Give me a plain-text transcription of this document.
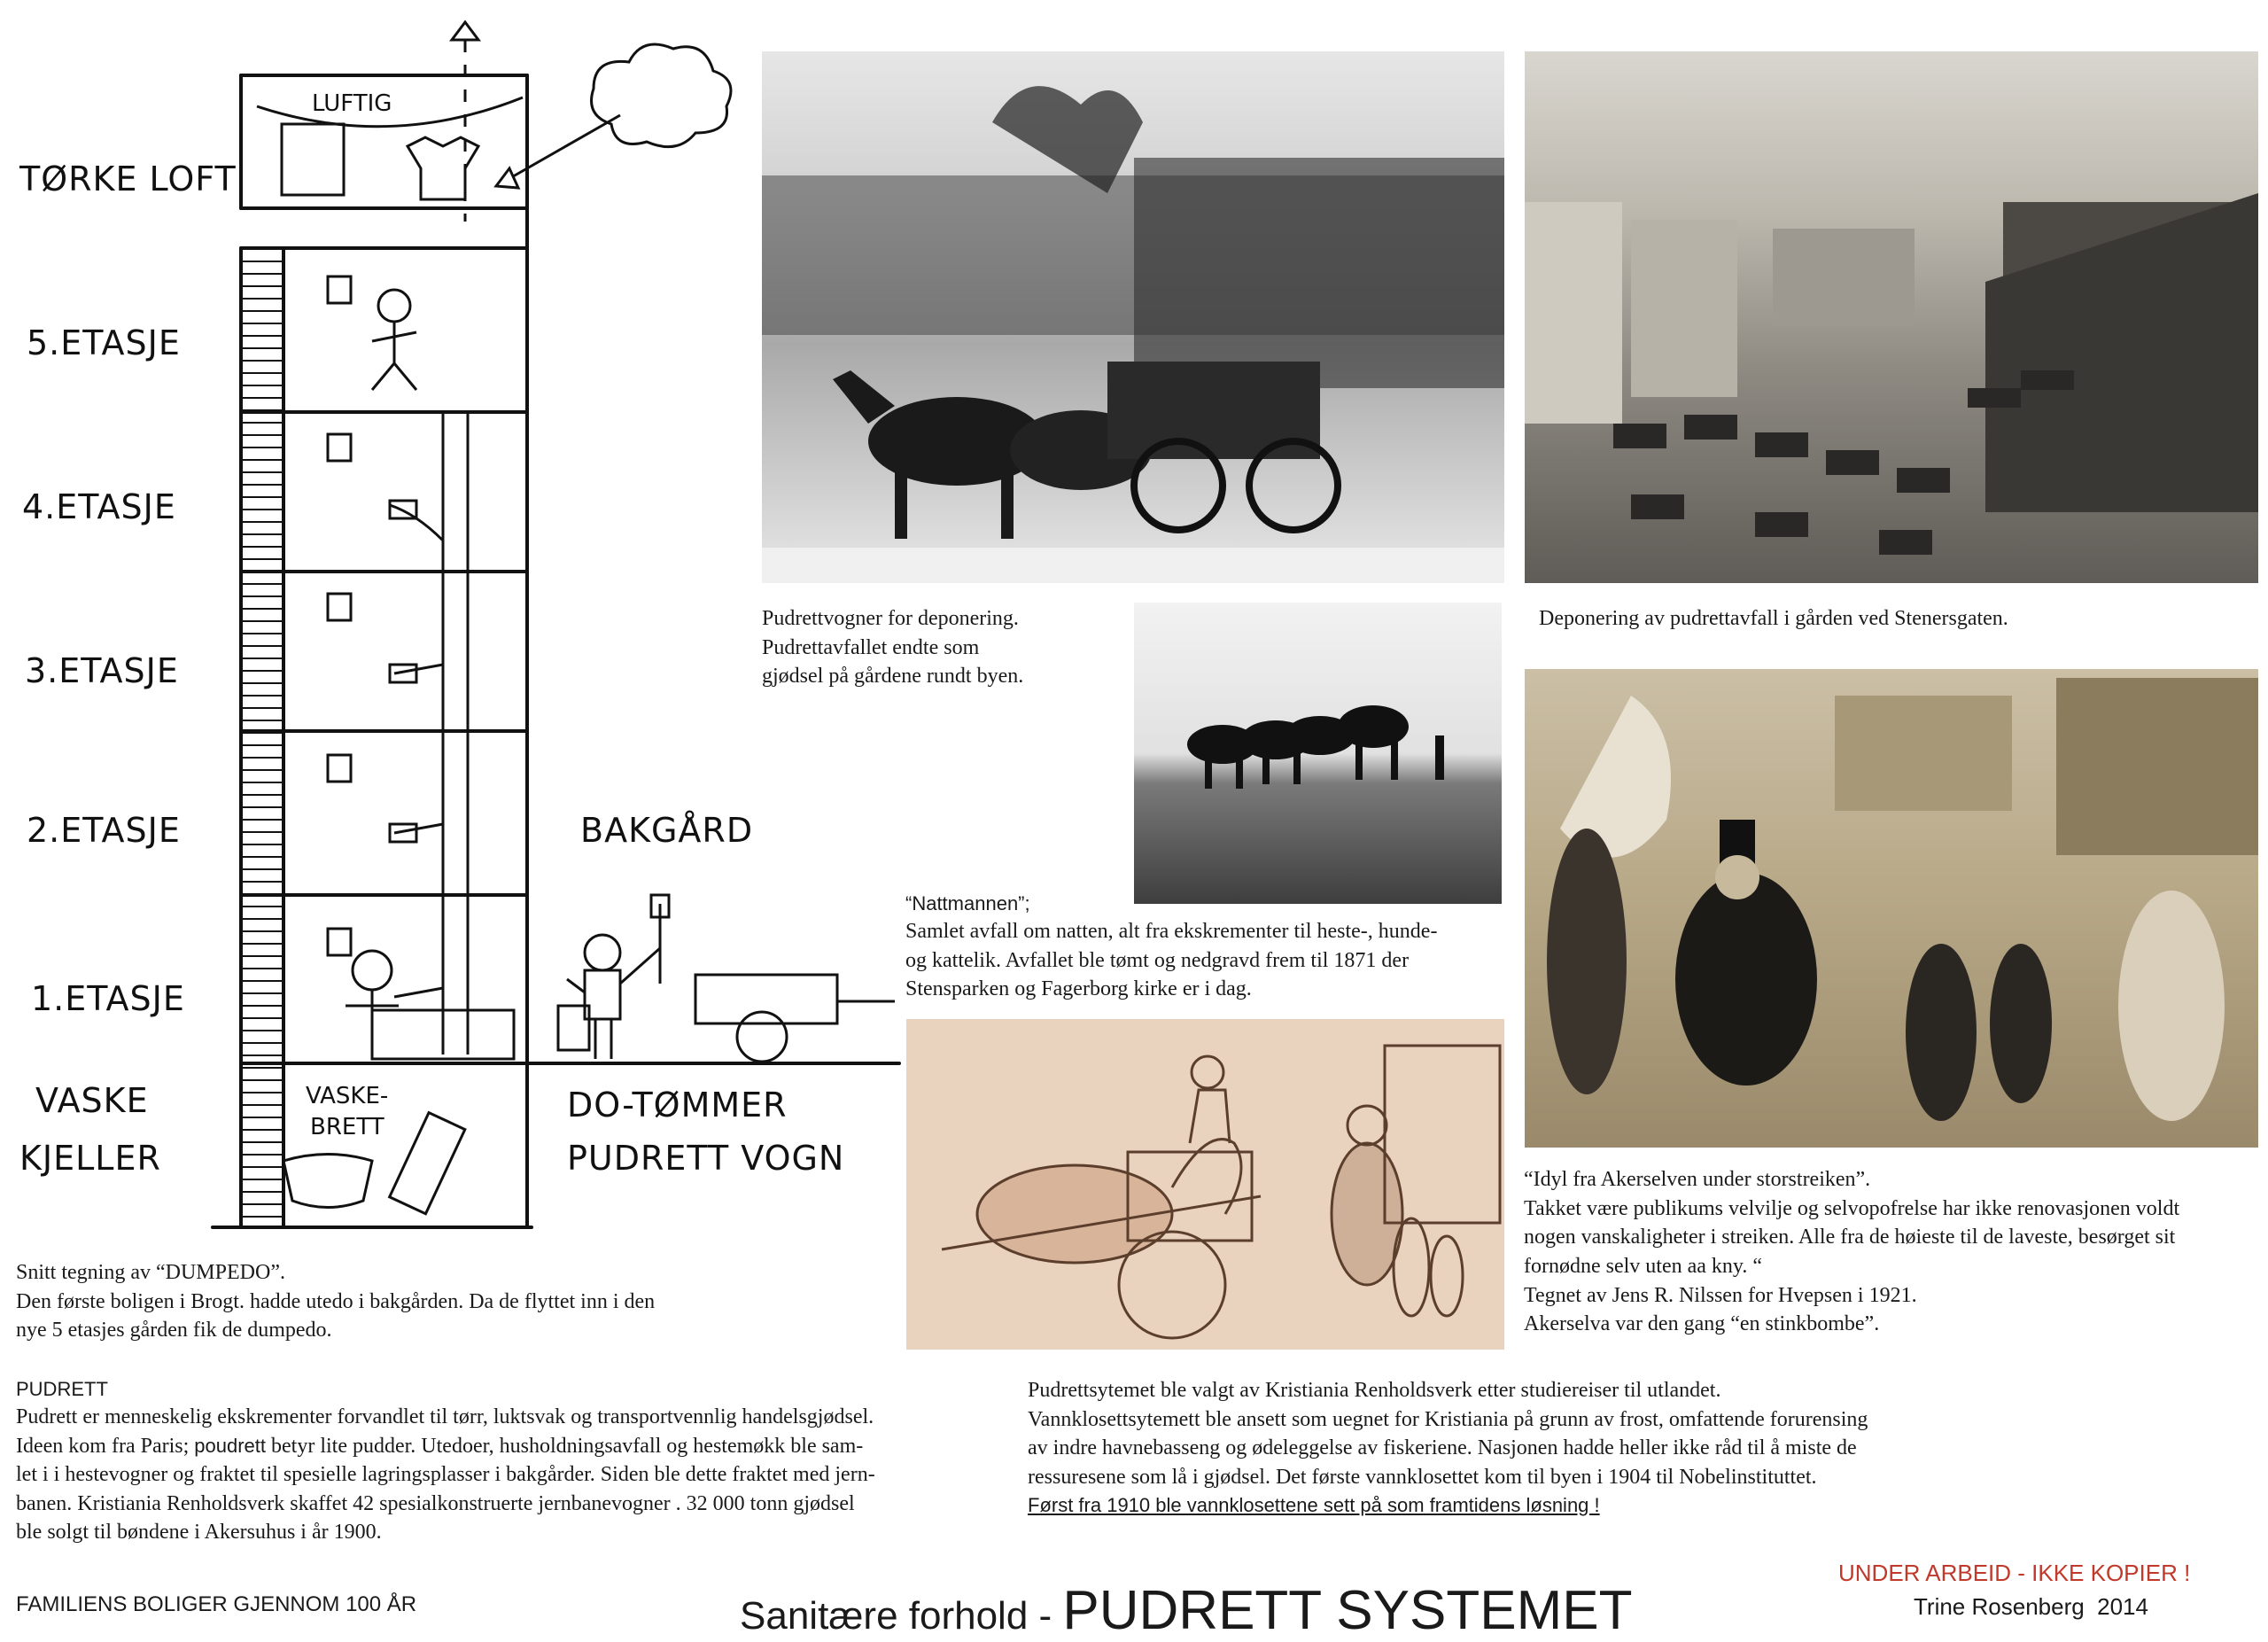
TØRKE LOFT
LUFTIG
5.ETASJE
4.ETASJE
3.ETASJE
2.ETASJE
1.ETASJE
VASKE
KJELLER
VASKE-
BRETT
BAKGÅRD
DO-TØMMER
PUDRETT VOGN
Snitt tegning av “DUMPEDO”.
Den første boligen i Brogt. hadde utedo i bakgården. Da de flyttet inn i den
nye 5 etasjes gården fik de dumpedo.
Pudrettvogner for deponering.
Pudrettavfallet endte som
gjødsel på gårdene rundt byen.
Deponering av pudrettavfall i gården ved Stenersgaten.
“Nattmannen”;
Samlet avfall om natten, alt fra ekskrementer til heste-, hunde-
og kattelik. Avfallet ble tømt og nedgravd frem til 1871 der
Stensparken og Fagerborg kirke er i dag.
“Idyl fra Akerselven under storstreiken”.
Takket være publikums velvilje og selvopofrelse har ikke renovasjonen voldt
nogen vanskaligheter i streiken. Alle fra de høieste til de laveste, besørget sit
fornødne selv uten aa kny. “
Tegnet av Jens R. Nilssen for Hvepsen i 1921.
Akerselva var den gang “en stinkbombe”.
PUDRETT
Pudrett er menneskelig ekskrementer forvandlet til tørr, luktsvak og transportvennlig handelsgjødsel.
Ideen kom fra Paris; poudrett betyr lite pudder. Utedoer, husholdningsavfall og hestemøkk ble sam-
let i i hestevogner og fraktet til spesielle lagringsplasser i bakgårder. Siden ble dette fraktet med jern-
banen. Kristiania Renholdsverk skaffet 42 spesialkonstruerte jernbanevogner . 32 000 tonn gjødsel
ble solgt til bøndene i Akersuhus i år 1900.
Pudrettsytemet ble valgt av Kristiania Renholdsverk etter studiereiser til utlandet.
Vannklosettsytemett ble ansett som uegnet for Kristiania på grunn av frost, omfattende forurensing
av indre havnebasseng og ødeleggelse av fiskeriene. Nasjonen hadde heller ikke råd til å miste de
ressuresene som lå i gjødsel. Det første vannklosettet kom til byen i 1904 til Nobelinstituttet.
Først fra 1910 ble vannklosettene sett på som framtidens løsning !
FAMILIENS BOLIGER GJENNOM 100 ÅR	Sanitære forhold - PUDRETT SYSTEMET
UNDER ARBEID - IKKE KOPIER !
Trine Rosenberg  2014
